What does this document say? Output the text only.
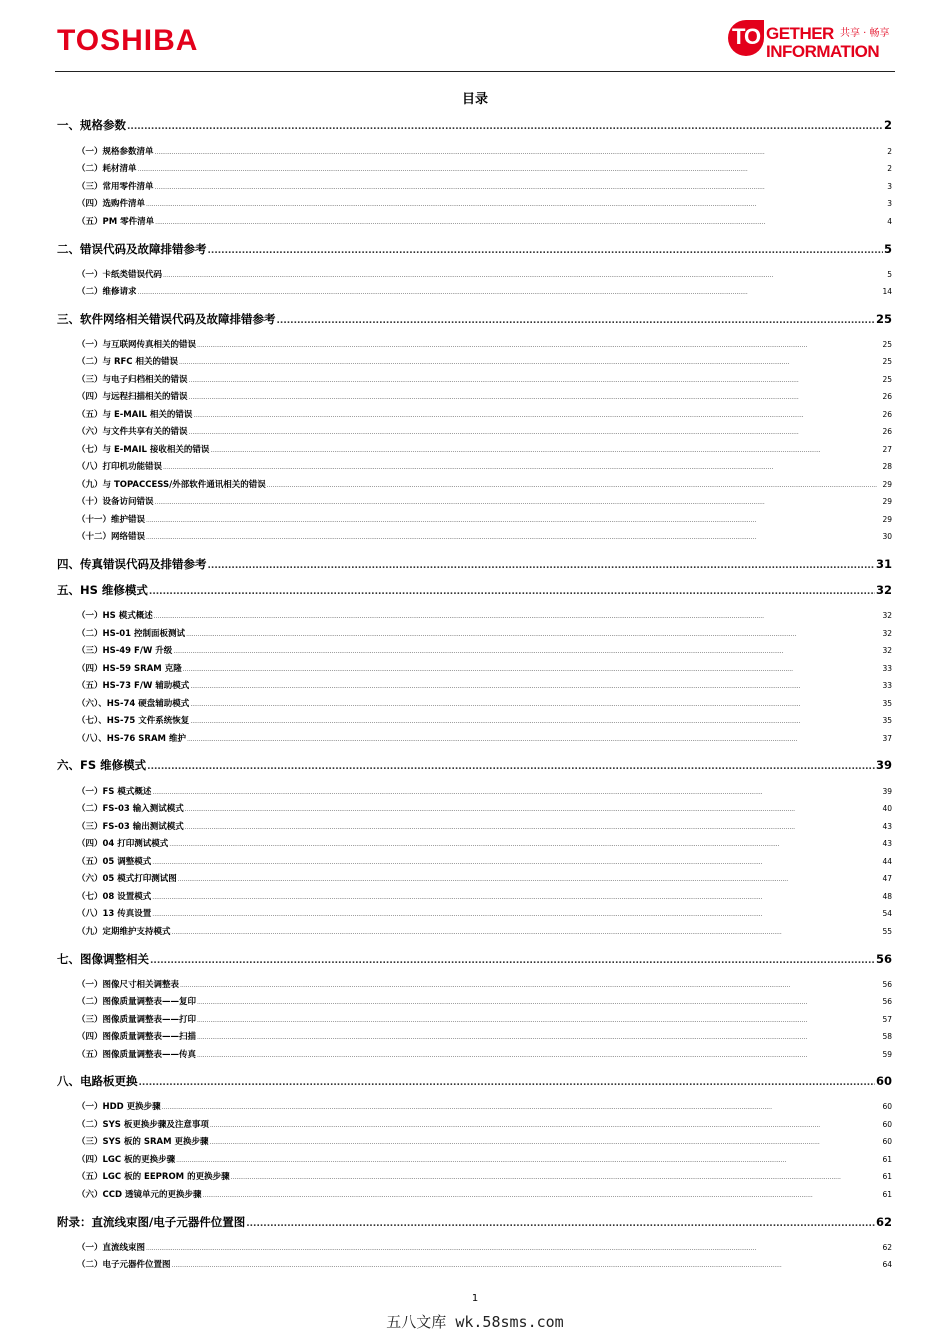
TOSHIBA	TO GETHER 共享 · 畅享
INFORMATION
目录
一、规格参数 .....	2
（一）规格参数清单 .....	2
（二）耗材清单 .....	2
（三）常用零件清单 .....	3
（四）选购件清单 .....	3
（五）PM 零件清单 .....	4
二、错误代码及故障排错参考 .....	5
（一）卡纸类错误代码 .....	5
（二）维修请求 .....	14
三、软件网络相关错误代码及故障排错参考 .....	25
（一）与互联网传真相关的错误 .....	25
（二）与 RFC 相关的错误 .....	25
（三）与电子归档相关的错误 .....	25
（四）与远程扫描相关的错误 .....	26
（五）与 E-MAIL 相关的错误 .....	26
（六）与文件共享有关的错误 .....	26
（七）与 E-MAIL 接收相关的错误 .....	27
（八）打印机功能错误 .....	28
（九）与 TOPACCESS/外部软件通讯相关的错误 .....	29
（十）设备访问错误 .....	29
（十一）维护错误 .....	29
（十二）网络错误 .....	30
四、传真错误代码及排错参考 .....	31
五、HS 维修模式 .....	32
（一）HS 模式概述 .....	32
（二）HS-01 控制面板测试 .....	32
（三）HS-49 F/W 升级 .....	32
（四）HS-59 SRAM 克隆 .....	33
（五）HS-73 F/W 辅助模式 .....	33
（六）、HS-74 硬盘辅助模式 .....	35
（七）、HS-75 文件系统恢复 .....	35
（八）、HS-76 SRAM 维护 .....	37
六、FS 维修模式 .....	39
（一）FS 模式概述 .....	39
（二）FS-03 输入测试模式 .....	40
（三）FS-03 输出测试模式 .....	43
（四）04 打印测试模式 .....	43
（五）05 调整模式 .....	44
（六）05 模式打印测试图 .....	47
（七）08 设置模式 .....	48
（八）13 传真设置 .....	54
（九）定期维护支持模式 .....	55
七、图像调整相关 .....	56
（一）图像尺寸相关调整表 .....	56
（二）图像质量调整表——复印 .....	56
（三）图像质量调整表——打印 .....	57
（四）图像质量调整表——扫描 .....	58
（五）图像质量调整表——传真 .....	59
八、电路板更换 .....	60
（一）HDD 更换步骤 .....	60
（二）SYS 板更换步骤及注意事项 .....	60
（三）SYS 板的 SRAM 更换步骤 .....	60
（四）LGC 板的更换步骤 .....	61
（五）LGC 板的 EEPROM 的更换步骤 .....	61
（六）CCD 透镜单元的更换步骤 .....	61
附录：直流线束图/电子元器件位置图 .....	62
（一）直流线束图 .....	62
（二）电子元器件位置图 .....	64
1
五八文库 wk.58sms.com
